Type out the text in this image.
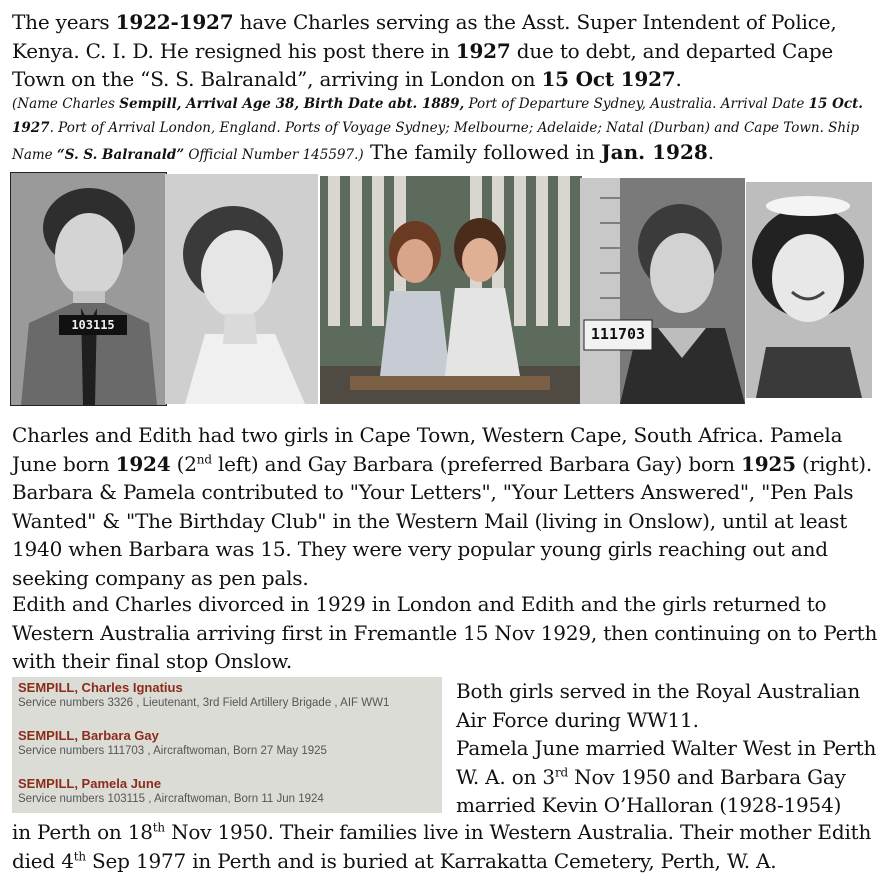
The years 1922-1927 have Charles serving as the Asst. Super Intendent of Police, Kenya. C. I. D. He resigned his post there in 1927 due to debt, and departed Cape Town on the “S. S. Balranald”, arriving in London on 15 Oct 1927.
(Name Charles Sempill, Arrival Age 38, Birth Date abt. 1889, Port of Departure Sydney, Australia. Arrival Date 15 Oct. 1927. Port of Arrival London, England. Ports of Voyage Sydney; Melbourne; Adelaide; Natal (Durban) and Cape Town. Ship Name “S. S. Balranald” Official Number 145597.) The family followed in Jan. 1928.
103115	111703
Charles and Edith had two girls in Cape Town, Western Cape, South Africa. Pamela June born 1924 (2nd left) and Gay Barbara (preferred Barbara Gay) born 1925 (right). Barbara & Pamela contributed to "Your Letters", "Your Letters Answered", "Pen Pals Wanted" & "The Birthday Club" in the Western Mail (living in Onslow), until at least 1940 when Barbara was 15. They were very popular young girls reaching out and seeking company as pen pals.
Edith and Charles divorced in 1929 in London and Edith and the girls returned to Western Australia arriving first in Fremantle 15 Nov 1929, then continuing on to Perth with their final stop Onslow.
SEMPILL, Charles Ignatius
Service numbers 3326 , Lieutenant, 3rd Field Artillery Brigade , AIF WW1
SEMPILL, Barbara Gay
Service numbers 111703 , Aircraftwoman, Born 27 May 1925
SEMPILL, Pamela June
Service numbers 103115 , Aircraftwoman, Born 11 Jun 1924
Both girls served in the Royal Australian Air Force during WW11.
Pamela June married Walter West in Perth W. A. on 3rd Nov 1950 and Barbara Gay married Kevin O’Halloran (1928-1954)
in Perth on 18th Nov 1950. Their families live in Western Australia. Their mother Edith died 4th Sep 1977 in Perth and is buried at Karrakatta Cemetery, Perth, W. A.
